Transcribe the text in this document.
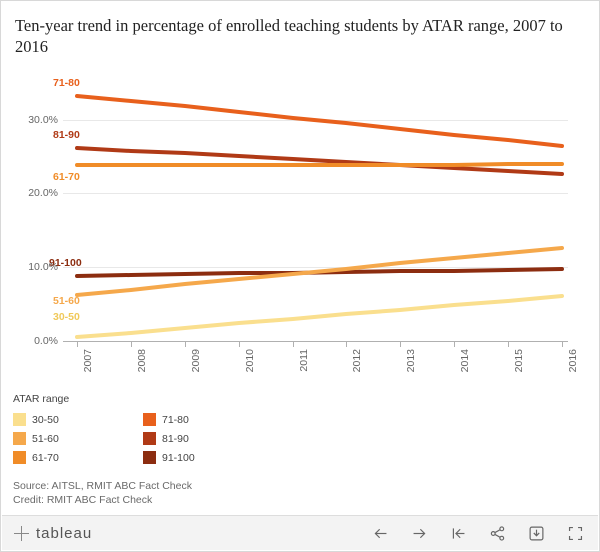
Ten-year trend in percentage of enrolled teaching students by ATAR range, 2007 to 2016
71-80
81-90
61-70
91-100
51-60
30-50
30.0%
20.0%
10.0%
0.0%
2007	2008	2009	2010	2011	2012	2013	2014	2015	2016
ATAR range
30-50	71-80
51-60	81-90
61-70	91-100
Source: AITSL, RMIT ABC Fact Check
Credit: RMIT ABC Fact Check
tableau
